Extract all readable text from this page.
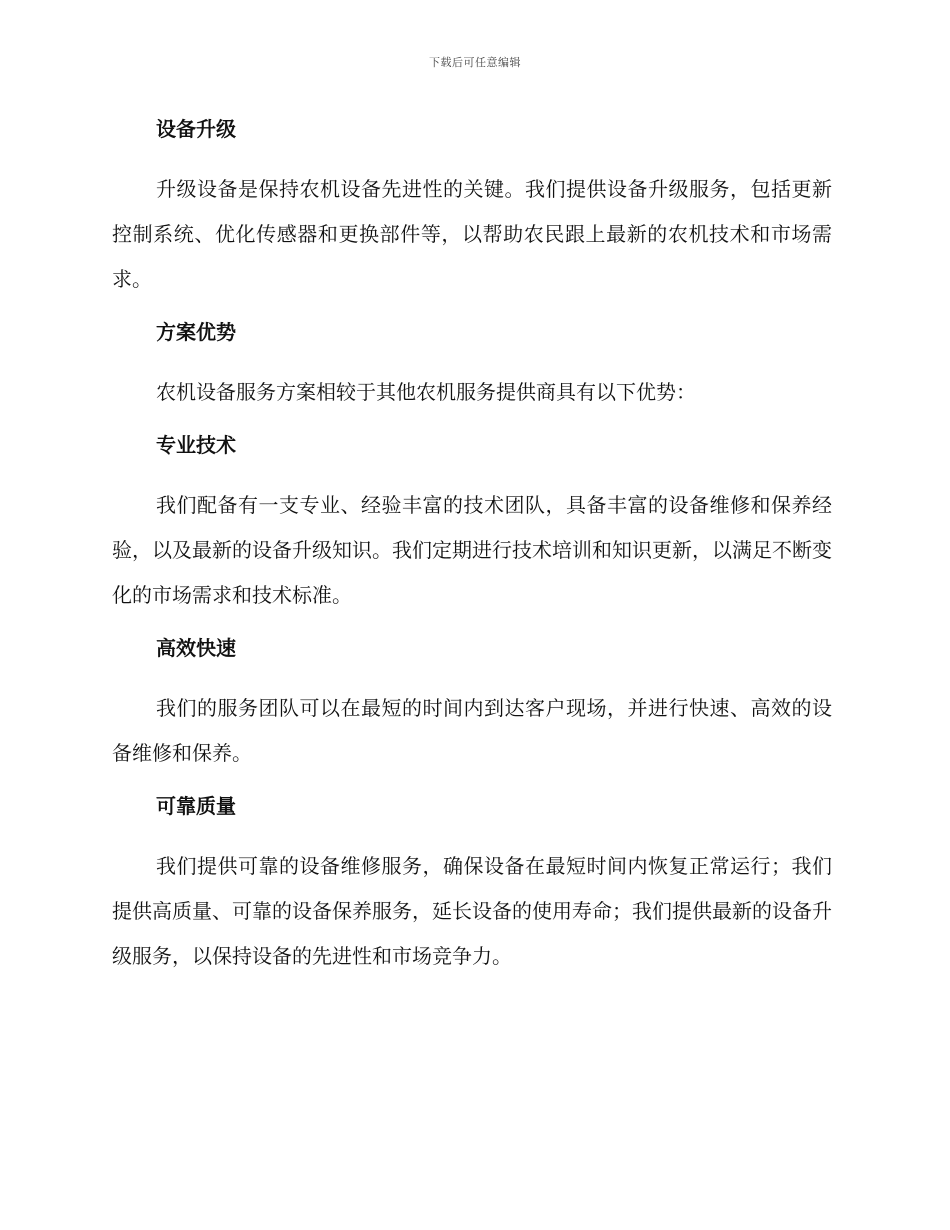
下载后可任意编辑
设备升级

升级设备是保持农机设备先进性的关键。我们提供设备升级服务，包括更新控制系统、优化传感器和更换部件等，以帮助农民跟上最新的农机技术和市场需求。

方案优势

农机设备服务方案相较于其他农机服务提供商具有以下优势：

专业技术

我们配备有一支专业、经验丰富的技术团队，具备丰富的设备维修和保养经验，以及最新的设备升级知识。我们定期进行技术培训和知识更新，以满足不断变化的市场需求和技术标准。

高效快速

我们的服务团队可以在最短的时间内到达客户现场，并进行快速、高效的设备维修和保养。

可靠质量

我们提供可靠的设备维修服务，确保设备在最短时间内恢复正常运行；我们提供高质量、可靠的设备保养服务，延长设备的使用寿命；我们提供最新的设备升级服务，以保持设备的先进性和市场竞争力。
